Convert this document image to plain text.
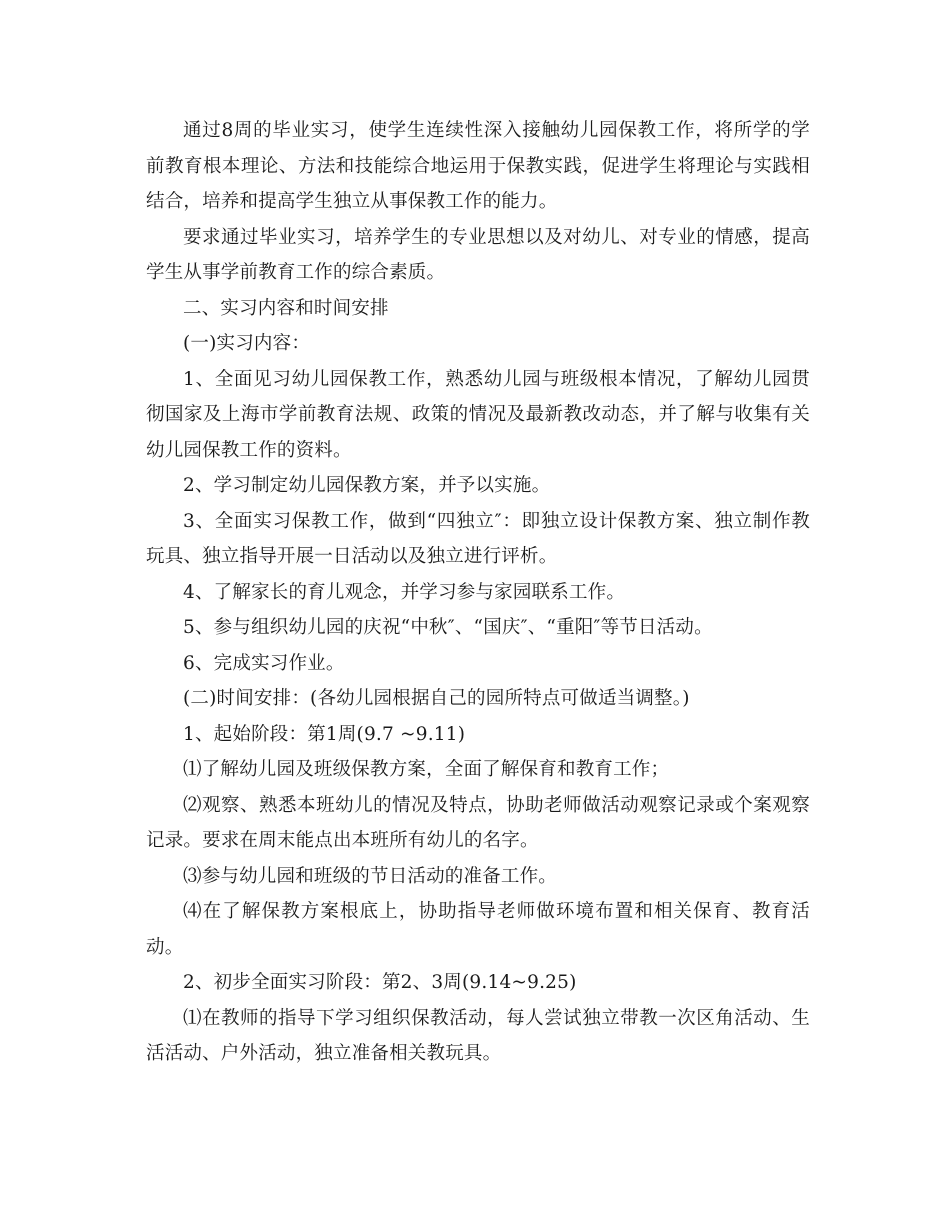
通过8周的毕业实习，使学生连续性深入接触幼儿园保教工作，将所学的学前教育根本理论、方法和技能综合地运用于保教实践，促进学生将理论与实践相结合，培养和提高学生独立从事保教工作的能力。

要求通过毕业实习，培养学生的专业思想以及对幼儿、对专业的情感，提高学生从事学前教育工作的综合素质。

二、实习内容和时间安排

(一)实习内容：

1、全面见习幼儿园保教工作，熟悉幼儿园与班级根本情况，了解幼儿园贯彻国家及上海市学前教育法规、政策的情况及最新教改动态，并了解与收集有关幼儿园保教工作的资料。

2、学习制定幼儿园保教方案，并予以实施。

3、全面实习保教工作，做到“四独立″：即独立设计保教方案、独立制作教玩具、独立指导开展一日活动以及独立进行评析。

4、了解家长的育儿观念，并学习参与家园联系工作。

5、参与组织幼儿园的庆祝“中秋″、“国庆″、“重阳″等节日活动。

6、完成实习作业。

(二)时间安排：(各幼儿园根据自己的园所特点可做适当调整。)

1、起始阶段：第1周(9.7 ~9.11)

⑴了解幼儿园及班级保教方案，全面了解保育和教育工作；

⑵观察、熟悉本班幼儿的情况及特点，协助老师做活动观察记录或个案观察记录。要求在周末能点出本班所有幼儿的名字。

⑶参与幼儿园和班级的节日活动的准备工作。

⑷在了解保教方案根底上，协助指导老师做环境布置和相关保育、教育活动。

2、初步全面实习阶段：第2、3周(9.14~9.25)

⑴在教师的指导下学习组织保教活动，每人尝试独立带教一次区角活动、生活活动、户外活动，独立准备相关教玩具。
